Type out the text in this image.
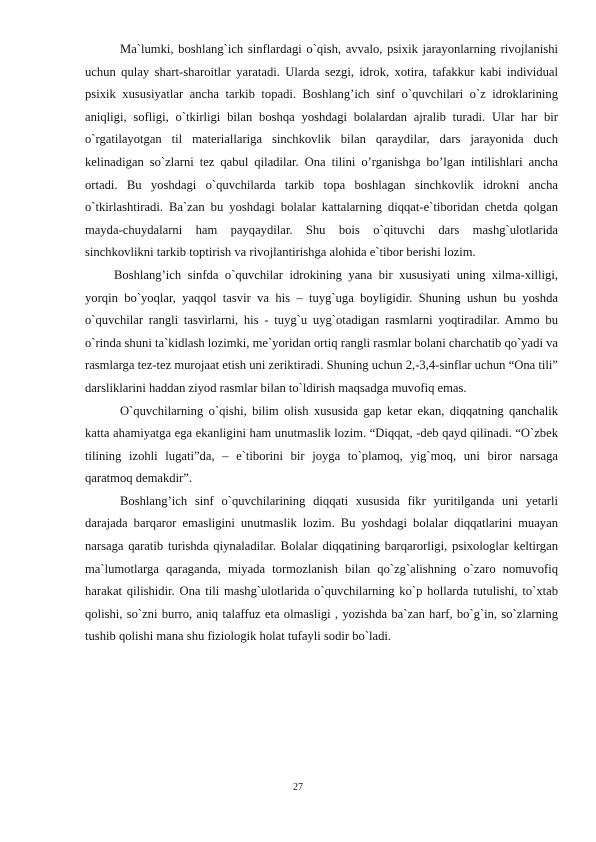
Ma`lumki, boshlang`ich sinflardagi o`qish, avvalo, psixik jarayonlarning rivojlanishi uchun qulay shart-sharoitlar yaratadi. Ularda sezgi, idrok, xotira, tafakkur kabi individual psixik xususiyatlar ancha tarkib topadi. Boshlang’ich sinf o`quvchilari o`z idroklarining aniqligi, sofligi, o`tkirligi bilan boshqa yoshdagi bolalardan ajralib turadi. Ular har bir o`rgatilayotgan til materiallariga sinchkovlik bilan qaraydilar, dars jarayonida duch kelinadigan so`zlarni tez qabul qiladilar. Ona tilini o’rganishga bo’lgan intilishlari ancha ortadi. Bu yoshdagi o`quvchilarda tarkib topa boshlagan sinchkovlik idrokni ancha o`tkirlashtiradi. Ba`zan bu yoshdagi bolalar kattalarning diqqat-e`tiboridan chetda qolgan mayda-chuydalarni ham payqaydilar. Shu bois o`qituvchi dars mashg`ulotlarida sinchkovlikni tarkib toptirish va rivojlantirishga alohida e`tibor berishi lozim.

Boshlang’ich sinfda o`quvchilar idrokining yana bir xususiyati uning xilma-xilligi, yorqin bo`yoqlar, yaqqol tasvir va his – tuyg`uga boyligidir. Shuning ushun bu yoshda o`quvchilar rangli tasvirlarni, his - tuyg`u uyg`otadigan rasmlarni yoqtiradilar. Ammo bu o`rinda shuni ta`kidlash lozimki, me`yoridan ortiq rangli rasmlar bolani charchatib qo`yadi va rasmlarga tez-tez murojaat etish uni zeriktiradi. Shuning uchun 2,-3,4-sinflar uchun “Ona tili” darsliklarini haddan ziyod rasmlar bilan to`ldirish maqsadga muvofiq emas.

O`quvchilarning o`qishi, bilim olish xususida gap ketar ekan, diqqatning qanchalik katta ahamiyatga ega ekanligini ham unutmaslik lozim. “Diqqat, -deb qayd qilinadi. “O`zbek tilining izohli lugati”da, – e`tiborini bir joyga to`plamoq, yig`moq, uni biror narsaga qaratmoq demakdir”.

Boshlang’ich sinf o`quvchilarining diqqati xususida fikr yuritilganda uni yetarli darajada barqaror emasligini unutmaslik lozim. Bu yoshdagi bolalar diqqatlarini muayan narsaga qaratib turishda qiynaladilar. Bolalar diqqatining barqarorligi, psixologlar keltirgan ma`lumotlarga qaraganda, miyada tormozlanish bilan qo`zg`alishning o`zaro nomuvofiq harakat qilishidir. Ona tili mashg`ulotlarida o`quvchilarning ko`p hollarda tutulishi, to`xtab qolishi, so`zni burro, aniq talaffuz eta olmasligi , yozishda ba`zan harf, bo`g`in, so`zlarning tushib qolishi mana shu fiziologik holat tufayli sodir bo`ladi.

27
